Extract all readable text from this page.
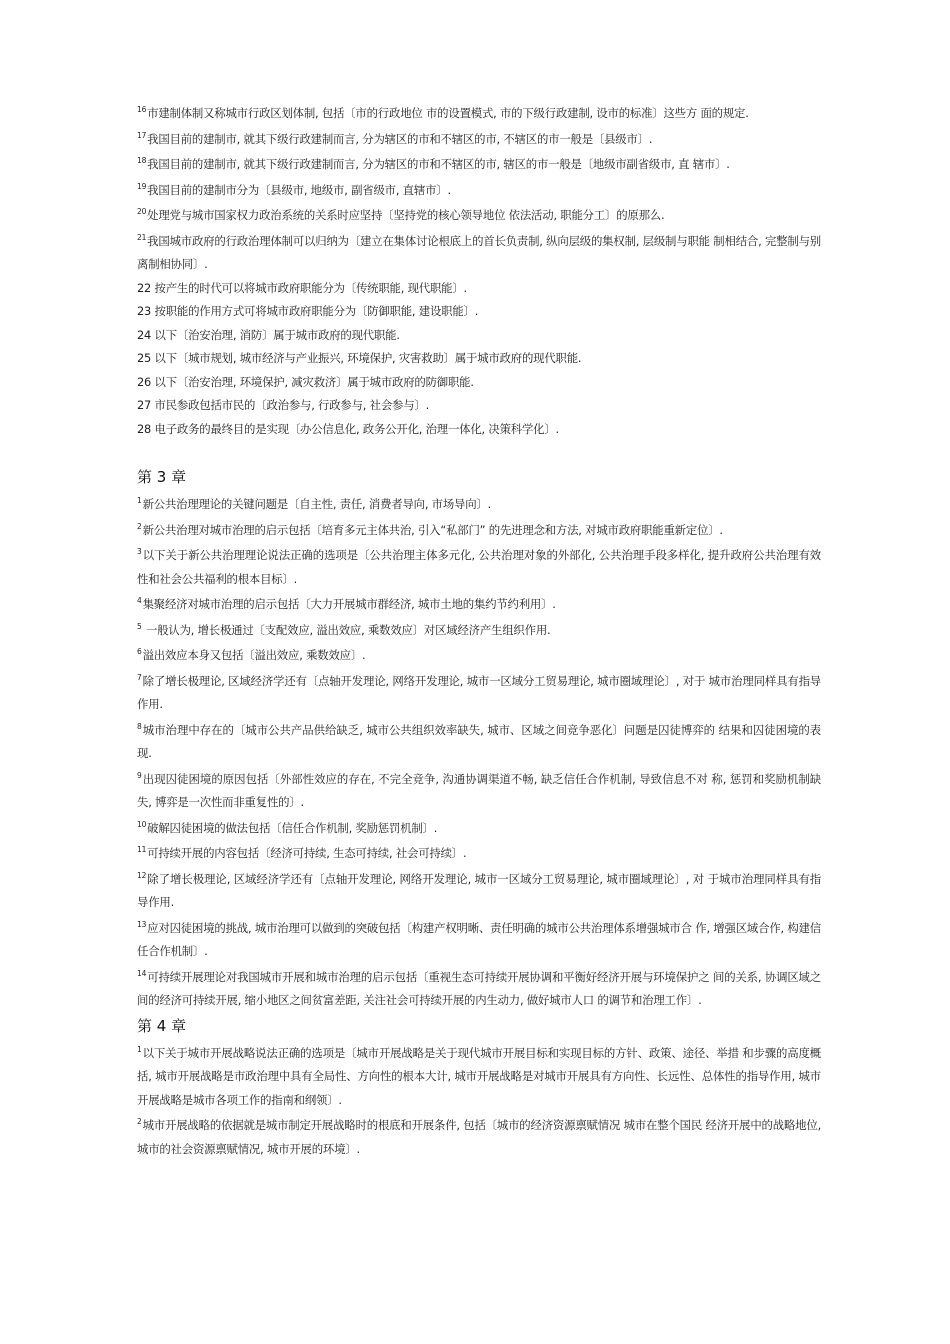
$^{16}$市建制体制又称城市行政区划体制, 包括〔市的行政地位 市的设置模式, 市的下级行政建制, 设市的标准〕这些方 面的规定.
$^{17}$我国目前的建制市, 就其下级行政建制而言, 分为辖区的市和不辖区的市, 不辖区的市一般是〔县级市〕.
$^{18}$我国目前的建制市, 就其下级行政建制而言, 分为辖区的市和不辖区的市, 辖区的市一般是〔地级市副省级市, 直 辖市〕.
$^{19}$我国目前的建制市分为〔县级市, 地级市, 副省级市, 直辖市〕.
$^{20}$处理党与城市国家权力政治系统的关系时应坚持〔坚持党的核心领导地位 依法活动, 职能分工〕的原那么.
$^{21}$我国城市政府的行政治理体制可以归纳为〔建立在集体讨论根底上的首长负责制, 纵向层级的集权制, 层级制与职能 制相结合, 完整制与别离制相协同〕.
22 按产生的时代可以将城市政府职能分为〔传统职能, 现代职能〕.
23 按职能的作用方式可将城市政府职能分为〔防御职能, 建设职能〕.
24 以下〔治安治理, 消防〕属于城市政府的现代职能.
25 以下〔城市规划, 城市经济与产业振兴, 环境保护, 灾害救助〕属于城市政府的现代职能.
26 以下〔治安治理, 环境保护, 减灾救济〕属于城市政府的防御职能.
27 市民参政包括市民的〔政治参与, 行政参与, 社会参与〕.
28 电子政务的最终目的是实现〔办公信息化, 政务公开化, 治理一体化, 决策科学化〕.
第 3 章
$^1$新公共治理理论的关键问题是〔自主性, 责任, 消费者导向, 市场导向〕.
$^2$新公共治理对城市治理的启示包括〔培育多元主体共治, 引入“私部门” 的先进理念和方法, 对城市政府职能重新定位〕.
$^3$以下关于新公共治理理论说法正确的选项是〔公共治理主体多元化, 公共治理对象的外部化, 公共治理手段多样化, 提升政府公共治理有效性和社会公共福利的根本目标〕.
$^4$集聚经济对城市治理的启示包括〔大力开展城市群经济, 城市土地的集约节约利用〕.
$^5$ 一般认为, 增长极通过〔支配效应, 溢出效应, 乘数效应〕对区域经济产生组织作用.
$^6$溢出效应本身又包括〔溢出效应, 乘数效应〕.
$^7$除了增长极理论, 区域经济学还有〔点轴开发理论, 网络开发理论, 城市一区域分工贸易理论, 城市圈域理论〕, 对于 城市治理同样具有指导作用.
$^8$城市治理中存在的〔城市公共产品供给缺乏, 城市公共组织效率缺失, 城市、区域之间竞争恶化〕问题是囚徒博弈的 结果和囚徒困境的表现.
$^9$出现囚徒困境的原因包括〔外部性效应的存在, 不完全竞争, 沟通协调渠道不畅, 缺乏信任合作机制, 导致信息不对 称, 惩罚和奖励机制缺失, 博弈是一次性而非重复性的〕.
$^{10}$破解囚徒困境的做法包括〔信任合作机制, 奖励惩罚机制〕.
$^{11}$可持续开展的内容包括〔经济可持续, 生态可持续, 社会可持续〕.
$^{12}$除了增长极理论, 区域经济学还有〔点轴开发理论, 网络开发理论, 城市一区域分工贸易理论, 城市圈域理论〕, 对 于城市治理同样具有指导作用.
$^{13}$应对囚徒困境的挑战, 城市治理可以做到的突破包括〔构建产权明晰、责任明确的城市公共治理体系增强城市合 作, 增强区域合作, 构建信任合作机制〕.
$^{14}$可持续开展理论对我国城市开展和城市治理的启示包括〔重视生态可持续开展协调和平衡好经济开展与环境保护之 间的关系, 协调区域之间的经济可持续开展, 缩小地区之间贫富差距, 关注社会可持续开展的内生动力, 做好城市人口 的调节和治理工作〕.
第 4 章
$^1$以下关于城市开展战略说法正确的选项是〔城市开展战略是关于现代城市开展目标和实现目标的方针、政策、途径、举措 和步骤的高度概括, 城市开展战略是市政治理中具有全局性、方向性的根本大计, 城市开展战略是对城市开展具有方向性、长远性、总体性的指导作用, 城市开展战略是城市各项工作的指南和纲领〕.
$^2$城市开展战略的依据就是城市制定开展战略时的根底和开展条件, 包括〔城市的经济资源禀赋情况 城市在整个国民 经济开展中的战略地位, 城市的社会资源禀赋情况, 城市开展的环境〕.
